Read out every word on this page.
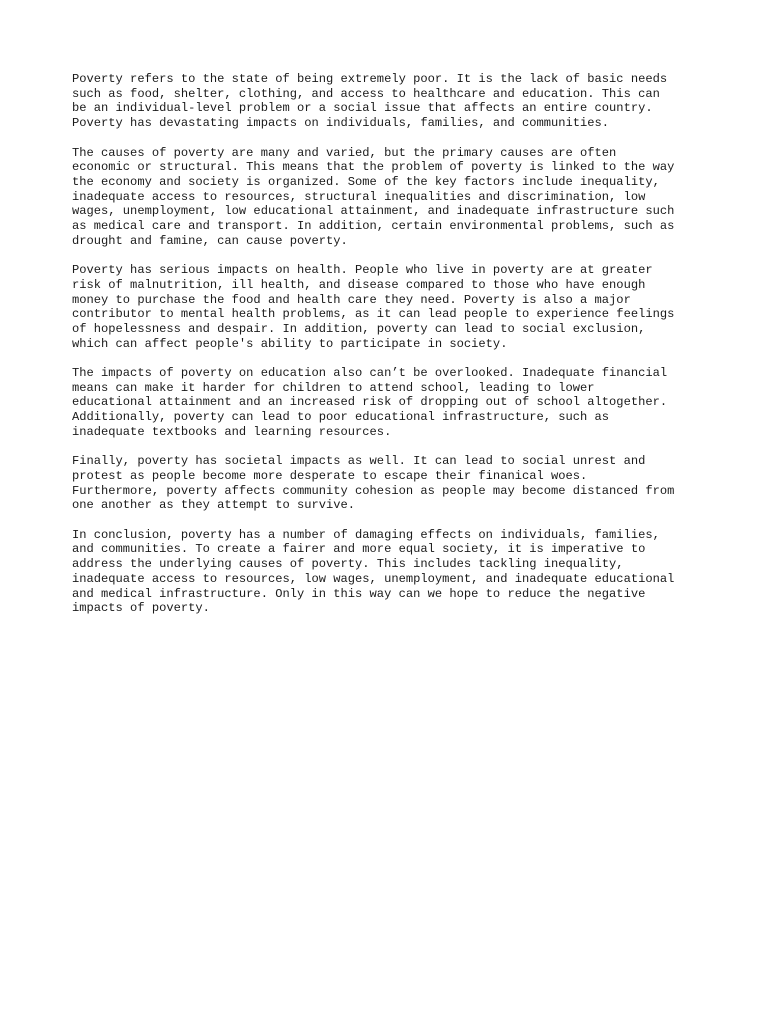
Poverty refers to the state of being extremely poor. It is the lack of basic needs
such as food, shelter, clothing, and access to healthcare and education. This can
be an individual-level problem or a social issue that affects an entire country.
Poverty has devastating impacts on individuals, families, and communities.

The causes of poverty are many and varied, but the primary causes are often
economic or structural. This means that the problem of poverty is linked to the way
the economy and society is organized. Some of the key factors include inequality,
inadequate access to resources, structural inequalities and discrimination, low
wages, unemployment, low educational attainment, and inadequate infrastructure such
as medical care and transport. In addition, certain environmental problems, such as
drought and famine, can cause poverty.

Poverty has serious impacts on health. People who live in poverty are at greater
risk of malnutrition, ill health, and disease compared to those who have enough
money to purchase the food and health care they need. Poverty is also a major
contributor to mental health problems, as it can lead people to experience feelings
of hopelessness and despair. In addition, poverty can lead to social exclusion,
which can affect people's ability to participate in society.

The impacts of poverty on education also can’t be overlooked. Inadequate financial
means can make it harder for children to attend school, leading to lower
educational attainment and an increased risk of dropping out of school altogether.
Additionally, poverty can lead to poor educational infrastructure, such as
inadequate textbooks and learning resources.

Finally, poverty has societal impacts as well. It can lead to social unrest and
protest as people become more desperate to escape their finanical woes.
Furthermore, poverty affects community cohesion as people may become distanced from
one another as they attempt to survive.

In conclusion, poverty has a number of damaging effects on individuals, families,
and communities. To create a fairer and more equal society, it is imperative to
address the underlying causes of poverty. This includes tackling inequality,
inadequate access to resources, low wages, unemployment, and inadequate educational
and medical infrastructure. Only in this way can we hope to reduce the negative
impacts of poverty.
